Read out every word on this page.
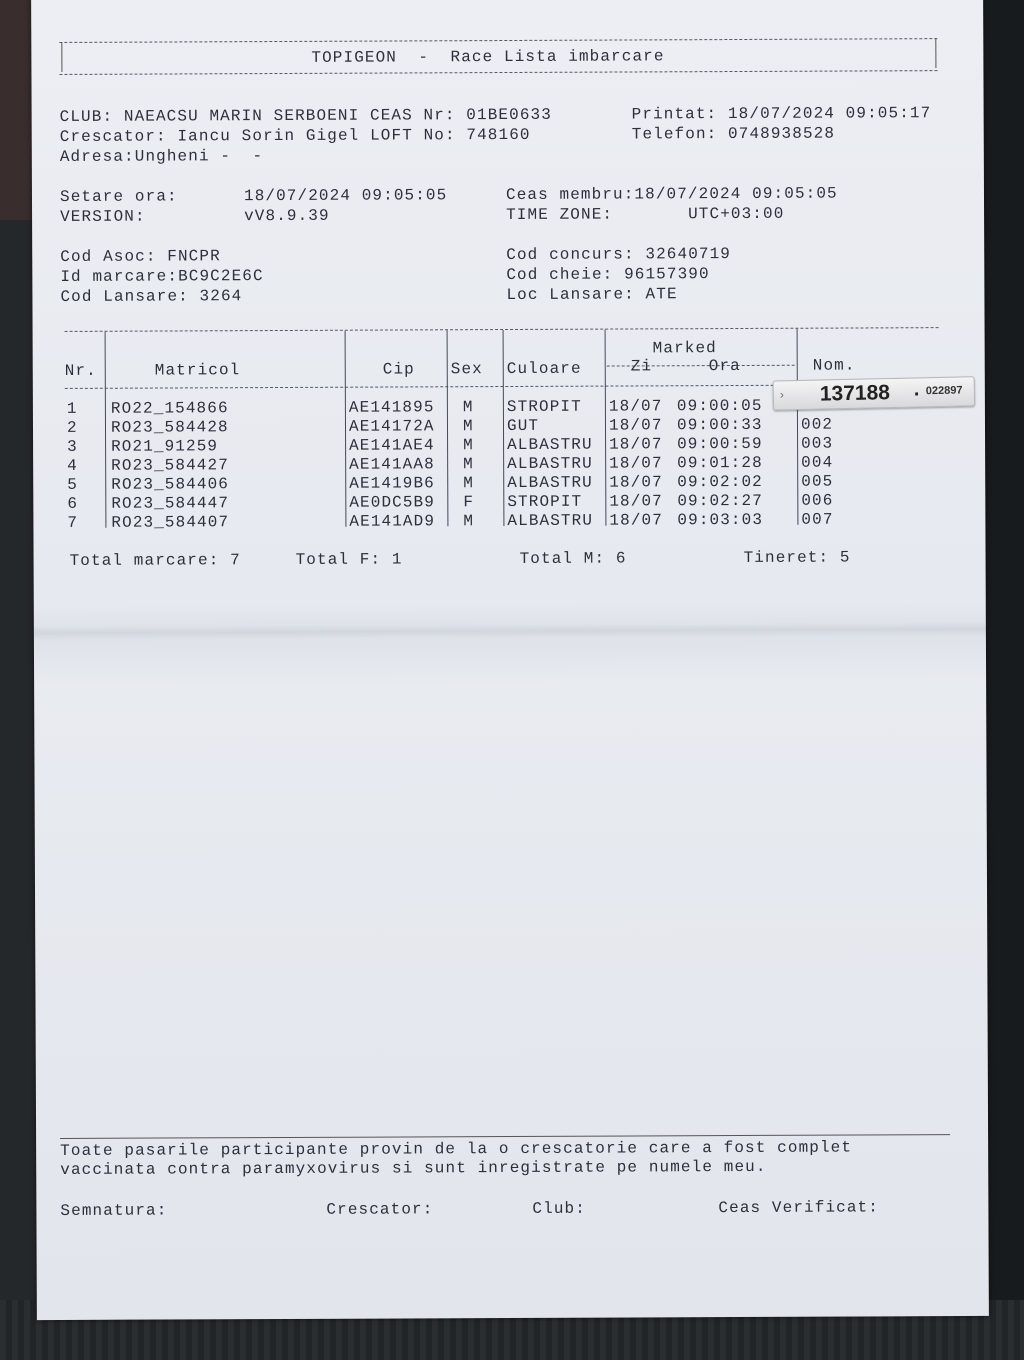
TOPIGEON  -  Race Lista imbarcare
CLUB: NAEACSU MARIN SERBOENI CEAS Nr: 01BE0633	Printat: 18/07/2024 09:05:17
Crescator: Iancu Sorin Gigel LOFT No: 748160	Telefon: 0748938528
Adresa:Ungheni -  -
Setare ora:	18/07/2024 09:05:05	Ceas membru:18/07/2024 09:05:05
VERSION:	vV8.9.39	TIME ZONE:	UTC+03:00
Cod Asoc: FNCPR	Cod concurs: 32640719
Id marcare:BC9C2E6C	Cod cheie: 96157390
Cod Lansare: 3264	Loc Lansare: ATE
Nr.	Matricol	Cip Sex Culoare
Marked
Zi	Ora	Nom.
1 RO22_154866	AE141895 M STROPIT 18/07 09:00:05
2 RO23_584428	AE14172A M GUT	18/07 09:00:33 002
3 RO21_91259	AE141AE4 M ALBASTRU 18/07 09:00:59 003
4 RO23_584427	AE141AA8 M ALBASTRU 18/07 09:01:28 004
5 RO23_584406	AE1419B6 M ALBASTRU 18/07 09:02:02 005
6 RO23_584447	AE0DC5B9 F STROPIT 18/07 09:02:27 006
7 RO23_584407	AE141AD9 M ALBASTRU 18/07 09:03:03 007
› 137188 . 022897
Total marcare: 7	Total F: 1	Total M: 6	Tineret: 5
Toate pasarile participante provin de la o crescatorie care a fost complet
vaccinata contra paramyxovirus si sunt inregistrate pe numele meu.
Semnatura:	Crescator:	Club:	Ceas Verificat:
